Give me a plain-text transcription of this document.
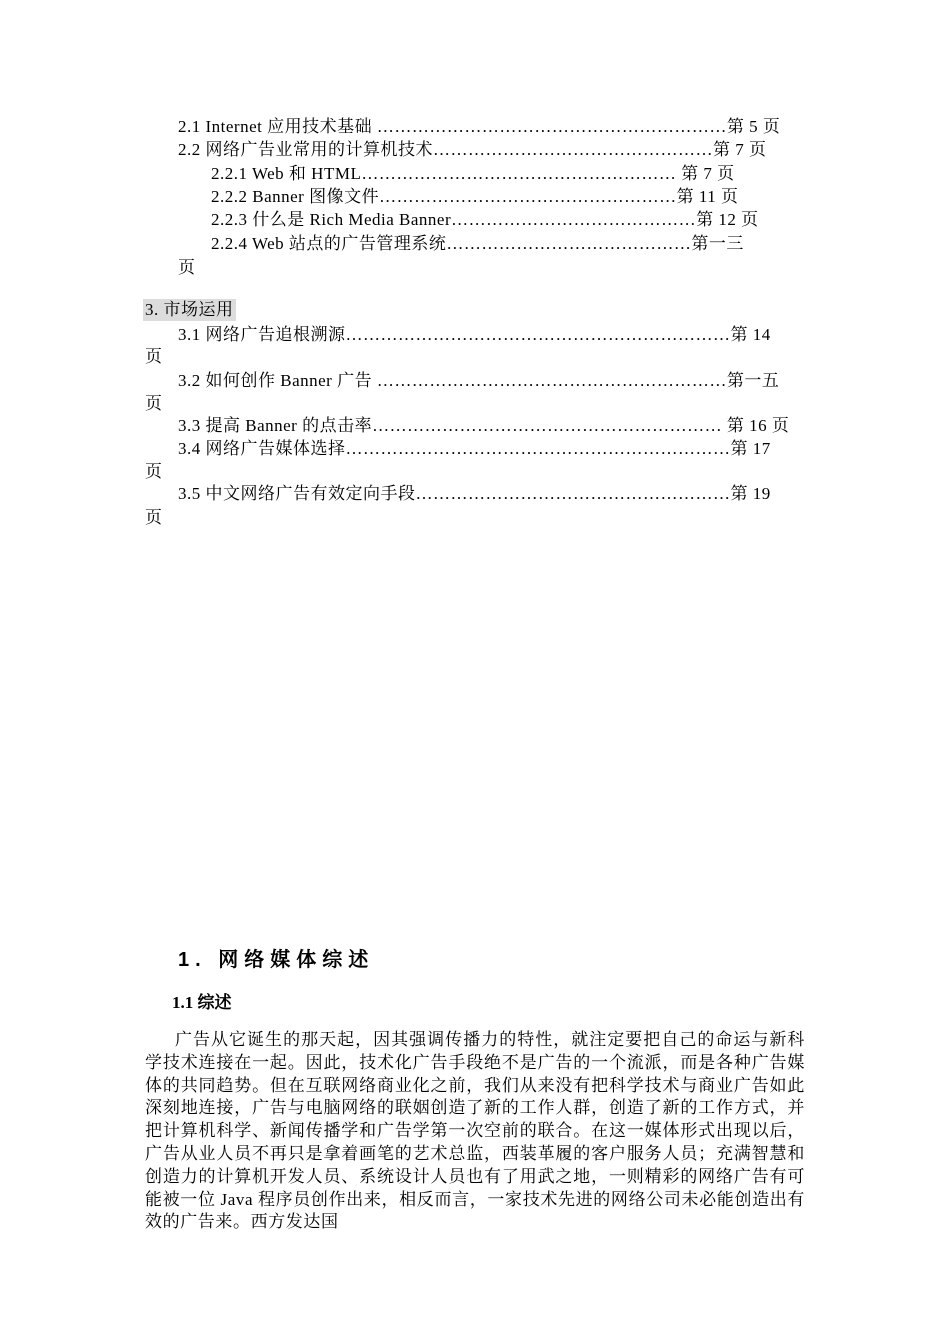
2.1 Internet 应用技术基础 ……………………………………………………第 5 页
2.2 网络广告业常用的计算机技术…………………………………………第 7 页
2.2.1 Web 和 HTML……………………………………………… 第 7 页
2.2.2 Banner 图像文件……………………………………………第 11 页
2.2.3 什么是 Rich Media Banner……………………………………第 12 页
2.2.4 Web 站点的广告管理系统……………………………………第一三
页
3. 市场运用
3.1 网络广告追根溯源…………………………………………………………第 14
页
3.2 如何创作 Banner 广告 ……………………………………………………第一五
页
3.3 提高 Banner 的点击率…………………………………………………… 第 16 页
3.4 网络广告媒体选择…………………………………………………………第 17
页
3.5 中文网络广告有效定向手段………………………………………………第 19
页
1. 网络媒体综述
1.1 综述
广告从它诞生的那天起，因其强调传播力的特性，就注定要把自己的命运与新科学技术连接在一起。因此，技术化广告手段绝不是广告的一个流派，而是各种广告媒体的共同趋势。但在互联网络商业化之前，我们从来没有把科学技术与商业广告如此深刻地连接，广告与电脑网络的联姻创造了新的工作人群，创造了新的工作方式，并把计算机科学、新闻传播学和广告学第一次空前的联合。在这一媒体形式出现以后，广告从业人员不再只是拿着画笔的艺术总监，西装革履的客户服务人员；充满智慧和创造力的计算机开发人员、系统设计人员也有了用武之地，一则精彩的网络广告有可能被一位 Java 程序员创作出来，相反而言，一家技术先进的网络公司未必能创造出有效的广告来。西方发达国
